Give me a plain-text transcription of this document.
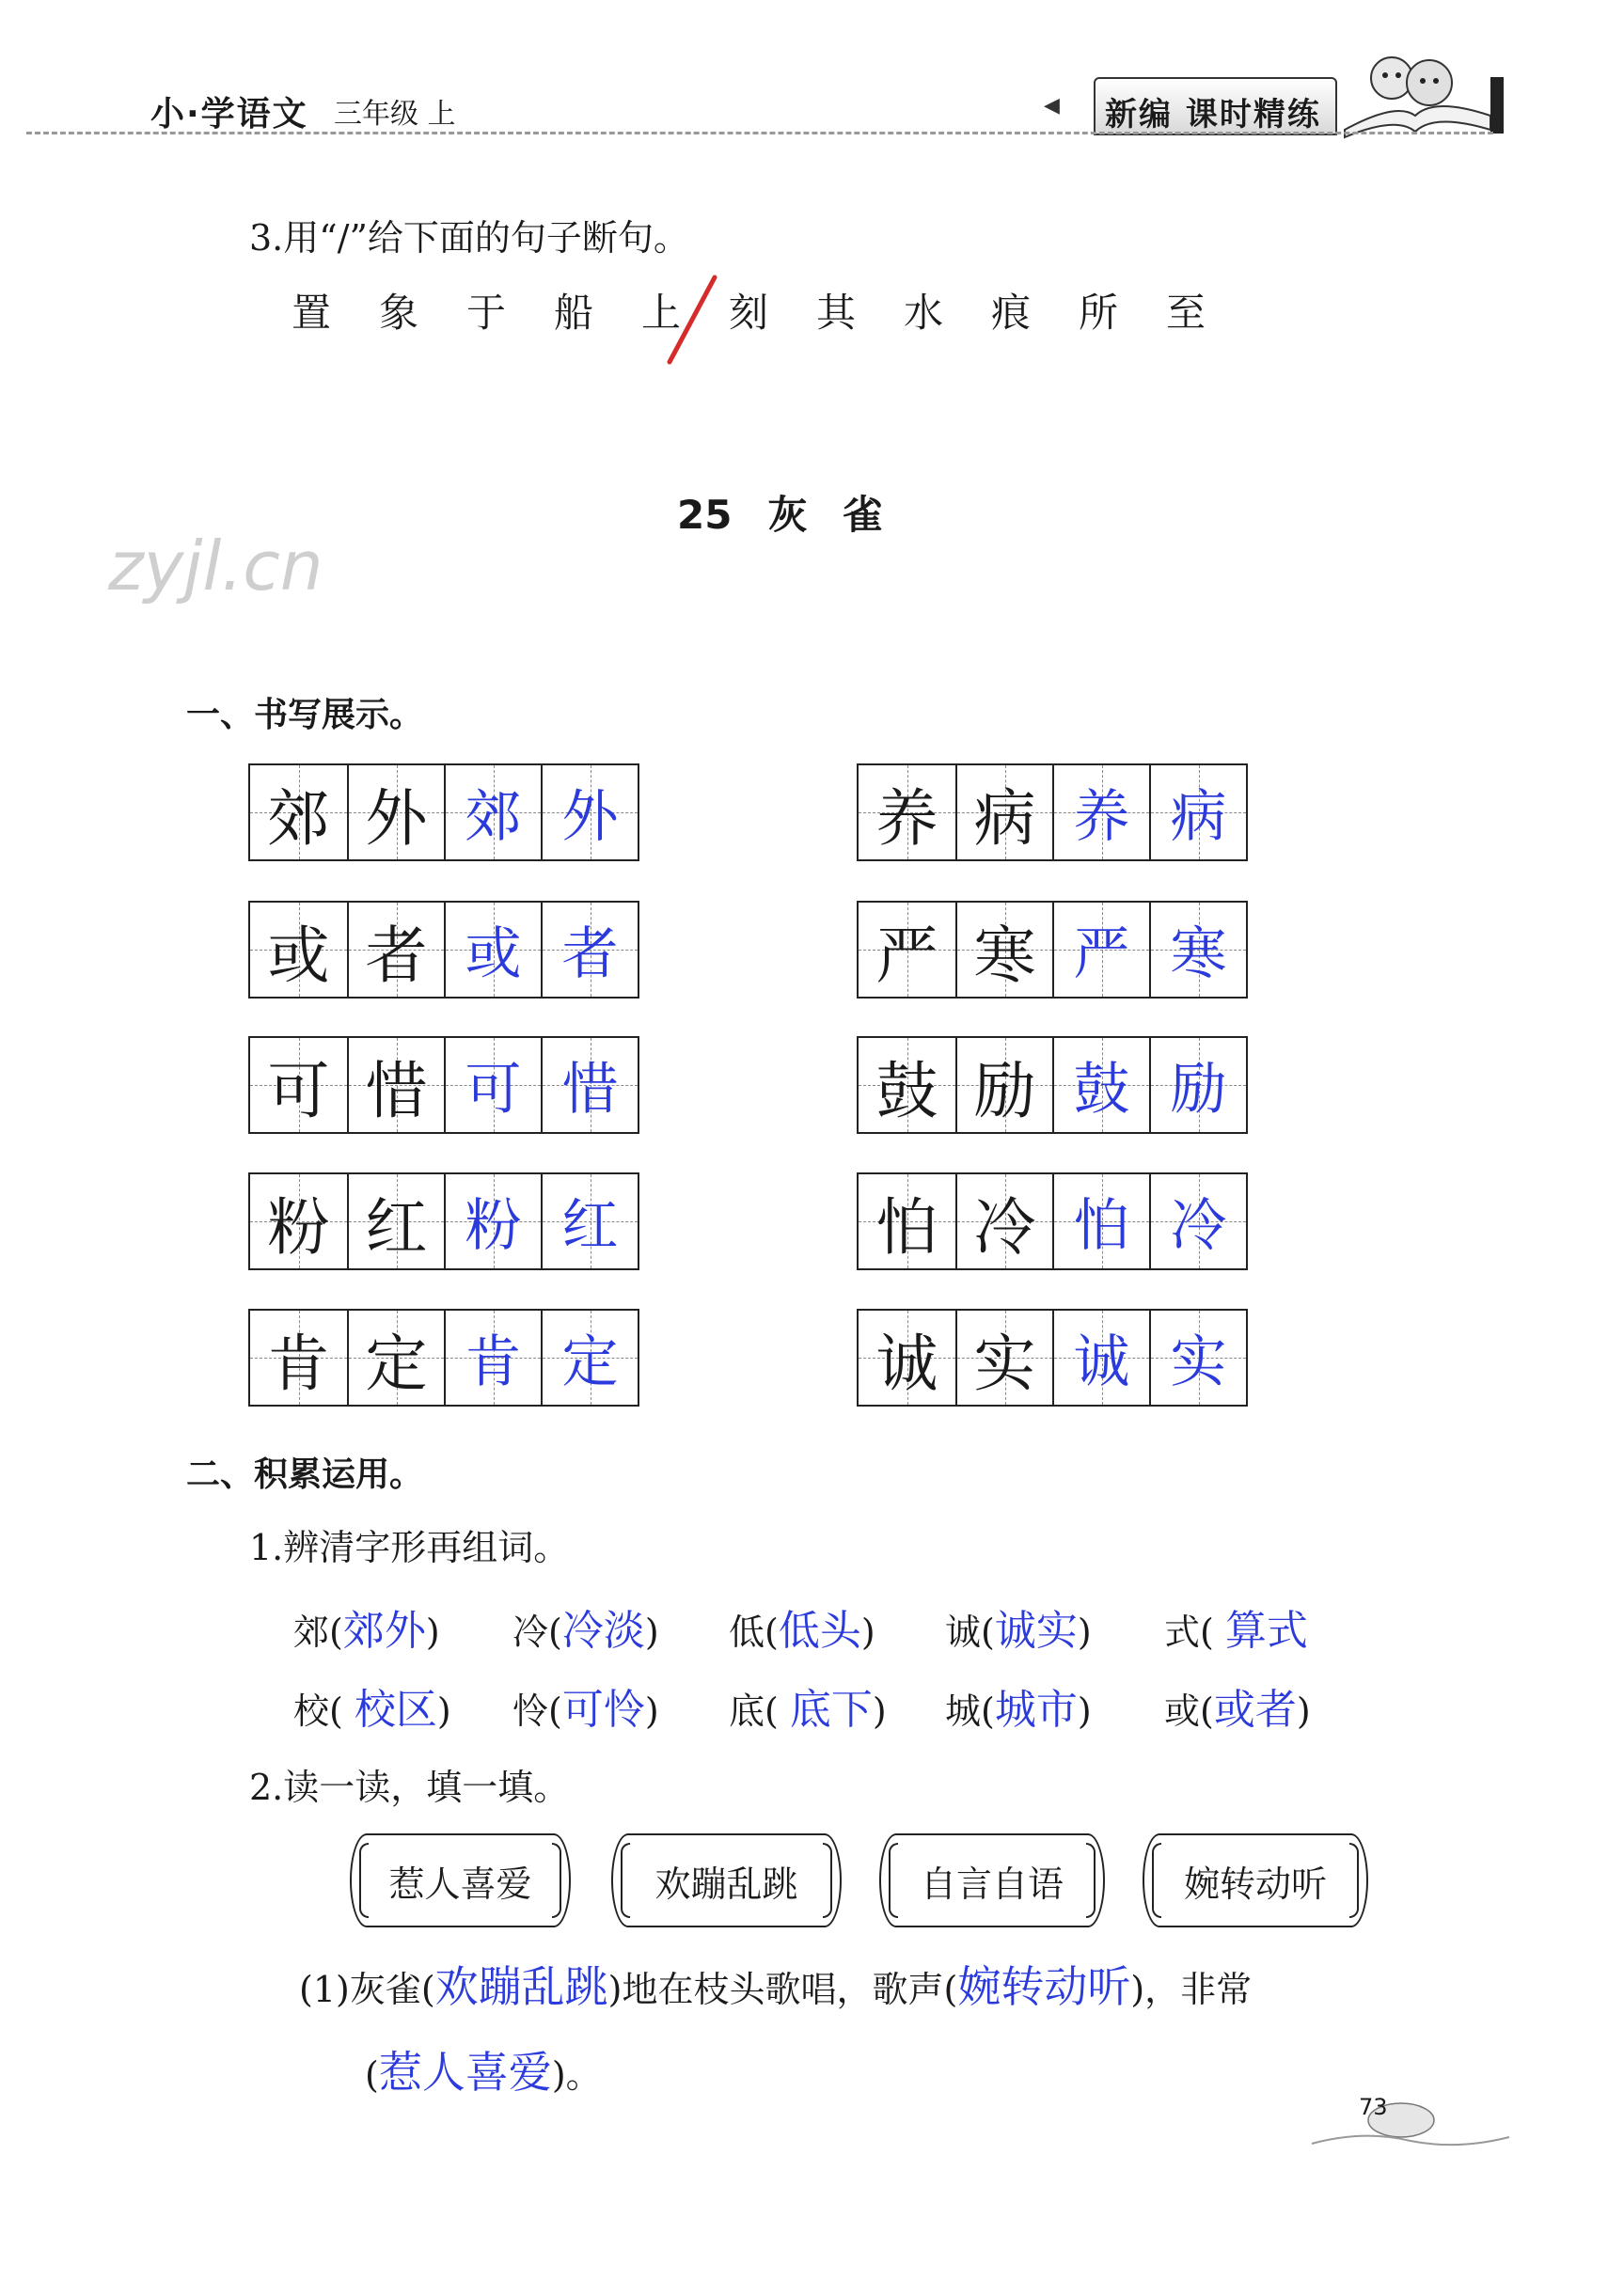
小·学语文 三年级 上	◀ 新编 课时精练
3.用“/”给下面的句子断句。
置 象 于 船 上 刻 其 水 痕 所 至
zyjl.cn
25 灰 雀
一、书写展示。
郊 外 郊 外
或 者 或 者
可 惜 可 惜
粉 红 粉 红
肯 定 肯 定
养 病 养 病
严 寒 严 寒
鼓 励 鼓 励
怕 冷 怕 冷
诚 实 诚 实
二、积累运用。
1.辨清字形再组词。
郊(郊外) 冷(冷淡) 低(低头) 诚(诚实) 式( 算式
校( 校区) 怜(可怜) 底( 底下) 城(城市) 或(或者)
2.读一读，填一填。
惹人喜爱	欢蹦乱跳	自言自语	婉转动听
(1)灰雀(欢蹦乱跳)地在枝头歌唱，歌声(婉转动听)，非常
(惹人喜爱)。
73
